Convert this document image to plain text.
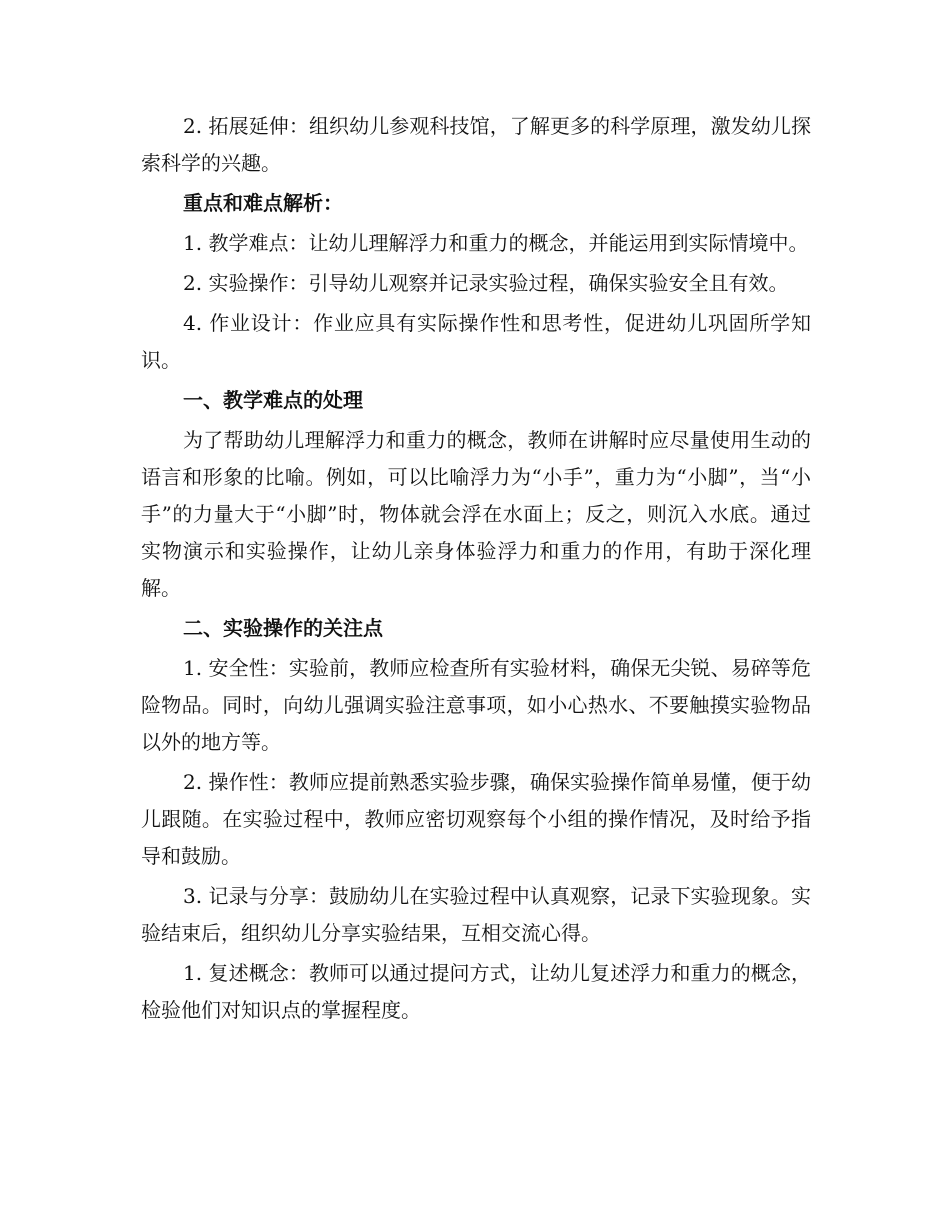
2. 拓展延伸：组织幼儿参观科技馆，了解更多的科学原理，激发幼儿探索科学的兴趣。

重点和难点解析：

1. 教学难点：让幼儿理解浮力和重力的概念，并能运用到实际情境中。

2. 实验操作：引导幼儿观察并记录实验过程，确保实验安全且有效。

4. 作业设计：作业应具有实际操作性和思考性，促进幼儿巩固所学知识。

一、教学难点的处理

为了帮助幼儿理解浮力和重力的概念，教师在讲解时应尽量使用生动的语言和形象的比喻。例如，可以比喻浮力为“小手”，重力为“小脚”，当“小手”的力量大于“小脚”时，物体就会浮在水面上；反之，则沉入水底。通过实物演示和实验操作，让幼儿亲身体验浮力和重力的作用，有助于深化理解。

二、实验操作的关注点

1. 安全性：实验前，教师应检查所有实验材料，确保无尖锐、易碎等危险物品。同时，向幼儿强调实验注意事项，如小心热水、不要触摸实验物品以外的地方等。

2. 操作性：教师应提前熟悉实验步骤，确保实验操作简单易懂，便于幼儿跟随。在实验过程中，教师应密切观察每个小组的操作情况，及时给予指导和鼓励。

3. 记录与分享：鼓励幼儿在实验过程中认真观察，记录下实验现象。实验结束后，组织幼儿分享实验结果，互相交流心得。

1. 复述概念：教师可以通过提问方式，让幼儿复述浮力和重力的概念，检验他们对知识点的掌握程度。
